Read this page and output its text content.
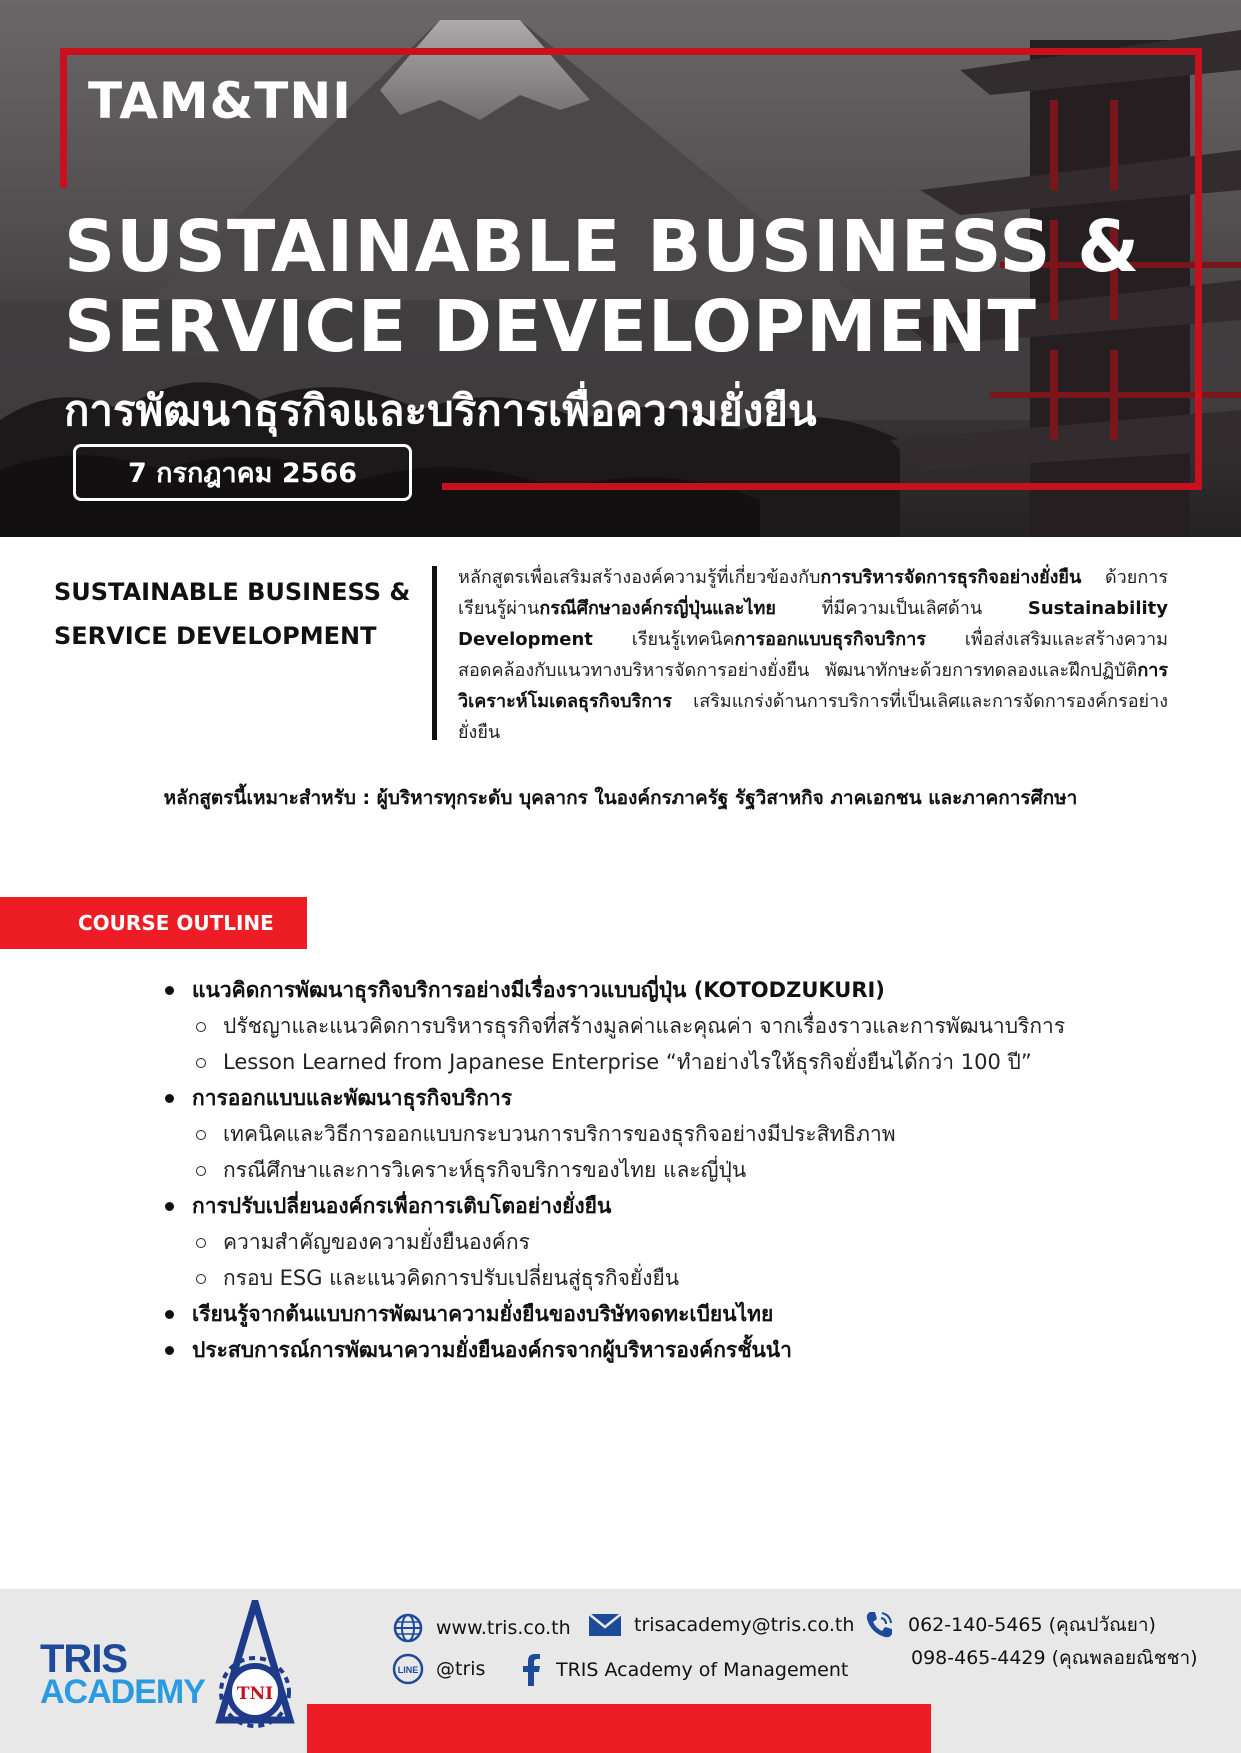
TAM&TNI
SUSTAINABLE BUSINESS &
SERVICE DEVELOPMENT
การพัฒนาธุรกิจและบริการเพื่อความยั่งยืน
7 กรกฎาคม 2566
SUSTAINABLE BUSINESS &
SERVICE DEVELOPMENT
หลักสูตรเพื่อเสริมสร้างองค์ความรู้ที่เกี่ยวข้องกับการบริหารจัดการธุรกิจอย่างยั่งยืน ด้วยการเรียนรู้ผ่านกรณีศึกษาองค์กรญี่ปุ่นและไทย ที่มีความเป็นเลิศด้าน Sustainability Development เรียนรู้เทคนิคการออกแบบธุรกิจบริการ เพื่อส่งเสริมและสร้างความสอดคล้องกับแนวทางบริหารจัดการอย่างยั่งยืน พัฒนาทักษะด้วยการทดลองและฝึกปฏิบัติการวิเคราะห์โมเดลธุรกิจบริการ เสริมแกร่งด้านการบริการที่เป็นเลิศและการจัดการองค์กรอย่างยั่งยืน
หลักสูตรนี้เหมาะสำหรับ : ผู้บริหารทุกระดับ บุคลากร ในองค์กรภาครัฐ รัฐวิสาหกิจ ภาคเอกชน และภาคการศึกษา
COURSE OUTLINE
แนวคิดการพัฒนาธุรกิจบริการอย่างมีเรื่องราวแบบญี่ปุ่น (KOTODZUKURI)
ปรัชญาและแนวคิดการบริหารธุรกิจที่สร้างมูลค่าและคุณค่า จากเรื่องราวและการพัฒนาบริการ
Lesson Learned from Japanese Enterprise “ทำอย่างไรให้ธุรกิจยั่งยืนได้กว่า 100 ปี”
การออกแบบและพัฒนาธุรกิจบริการ
เทคนิคและวิธีการออกแบบกระบวนการบริการของธุรกิจอย่างมีประสิทธิภาพ
กรณีศึกษาและการวิเคราะห์ธุรกิจบริการของไทย และญี่ปุ่น
การปรับเปลี่ยนองค์กรเพื่อการเติบโตอย่างยั่งยืน
ความสำคัญของความยั่งยืนองค์กร
กรอบ ESG และแนวคิดการปรับเปลี่ยนสู่ธุรกิจยั่งยืน
เรียนรู้จากต้นแบบการพัฒนาความยั่งยืนของบริษัทจดทะเบียนไทย
ประสบการณ์การพัฒนาความยั่งยืนองค์กรจากผู้บริหารองค์กรชั้นนำ
TRIS
ACADEMY TNI
www.tris.co.th	trisacademy@tris.co.th	062-140-5465 (คุณปวัณยา)
098-465-4429 (คุณพลอยณิชชา)
LINE @tris	TRIS Academy of Management
